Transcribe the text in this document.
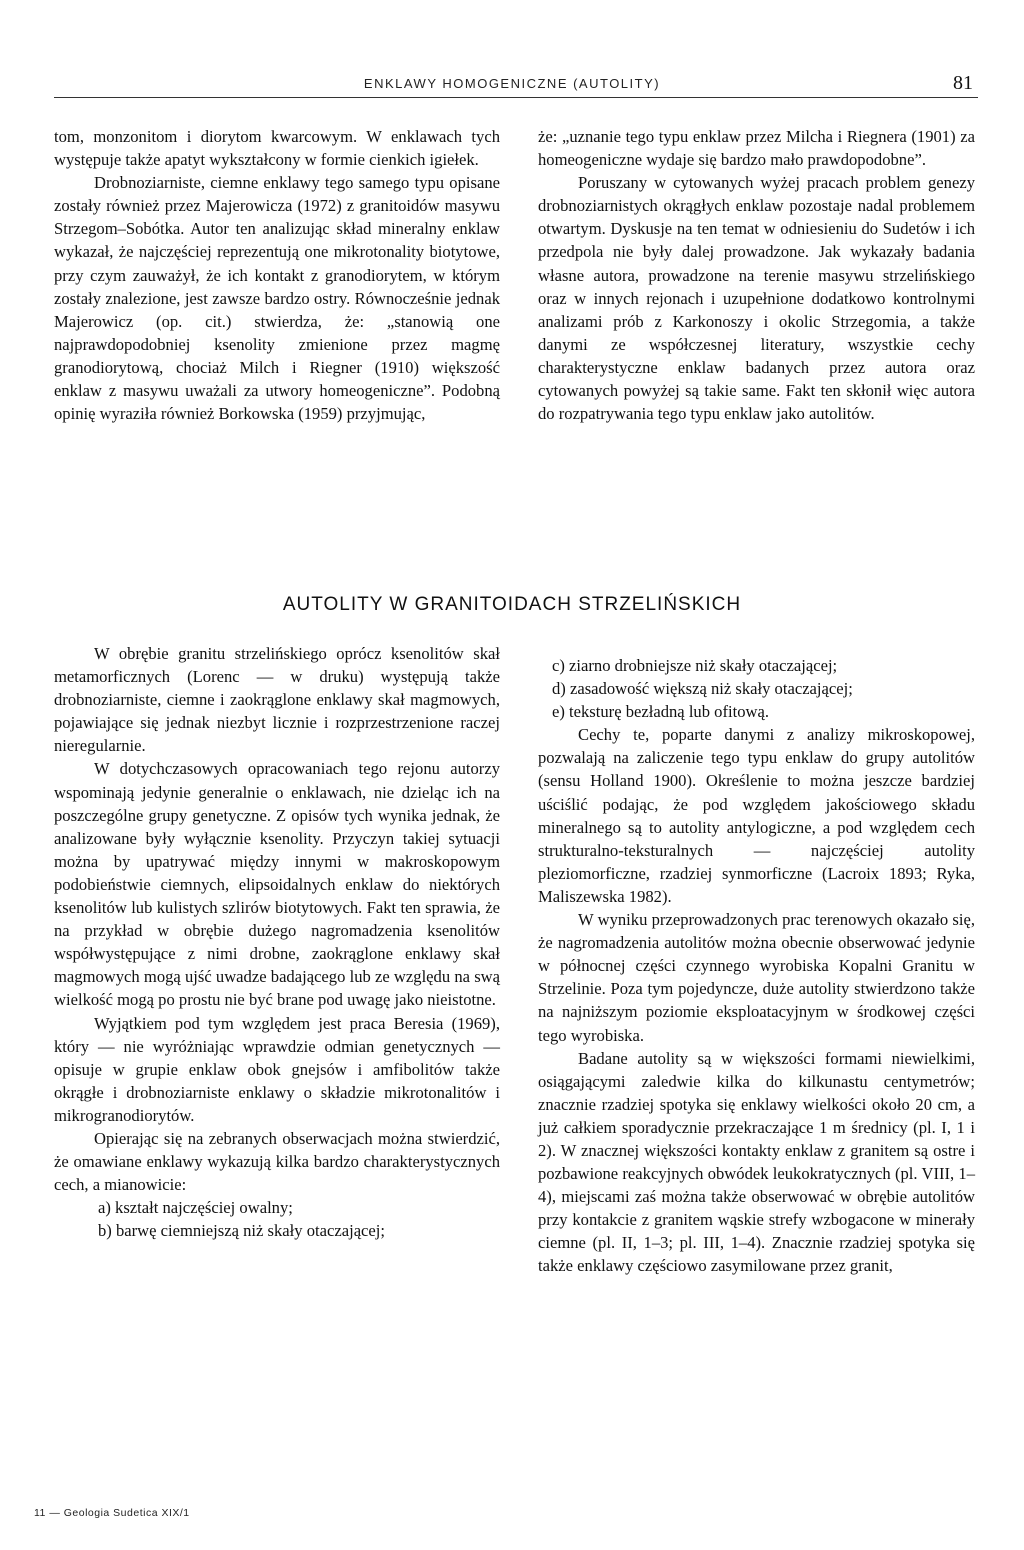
ENKLAWY HOMOGENICZNE (AUTOLITY)	81

tom, monzonitom i diorytom kwarcowym. W enklawach tych występuje także apatyt wykształcony w formie cienkich igiełek.

Drobnoziarniste, ciemne enklawy tego samego typu opisane zostały również przez Majerowicza (1972) z granitoidów masywu Strzegom–Sobótka. Autor ten analizując skład mineralny enklaw wykazał, że najczęściej reprezentują one mikrotonality biotytowe, przy czym zauważył, że ich kontakt z granodiorytem, w którym zostały znalezione, jest zawsze bardzo ostry. Równocześnie jednak Majerowicz (op. cit.) stwierdza, że: „stanowią one najprawdopodobniej ksenolity zmienione przez magmę granodiorytową, chociaż Milch i Riegner (1910) większość enklaw z masywu uważali za utwory homeogeniczne”. Podobną opinię wyraziła również Borkowska (1959) przyjmując,

że: „uznanie tego typu enklaw przez Milcha i Riegnera (1901) za homeogeniczne wydaje się bardzo mało prawdopodobne”.

Poruszany w cytowanych wyżej pracach problem genezy drobnoziarnistych okrągłych enklaw pozostaje nadal problemem otwartym. Dyskusje na ten temat w odniesieniu do Sudetów i ich przedpola nie były dalej prowadzone. Jak wykazały badania własne autora, prowadzone na terenie masywu strzelińskiego oraz w innych rejonach i uzupełnione dodatkowo kontrolnymi analizami prób z Karkonoszy i okolic Strzegomia, a także danymi ze współczesnej literatury, wszystkie cechy charakterystyczne enklaw badanych przez autora oraz cytowanych powyżej są takie same. Fakt ten skłonił więc autora do rozpatrywania tego typu enklaw jako autolitów.

AUTOLITY W GRANITOIDACH STRZELIŃSKICH

W obrębie granitu strzelińskiego oprócz ksenolitów skał metamorficznych (Lorenc — w druku) występują także drobnoziarniste, ciemne i zaokrąglone enklawy skał magmowych, pojawiające się jednak niezbyt licznie i rozprzestrzenione raczej nieregularnie.

W dotychczasowych opracowaniach tego rejonu autorzy wspominają jedynie generalnie o enklawach, nie dzieląc ich na poszczególne grupy genetyczne. Z opisów tych wynika jednak, że analizowane były wyłącznie ksenolity. Przyczyn takiej sytuacji można by upatrywać między innymi w makroskopowym podobieństwie ciemnych, elipsoidalnych enklaw do niektórych ksenolitów lub kulistych szlirów biotytowych. Fakt ten sprawia, że na przykład w obrębie dużego nagromadzenia ksenolitów współwystępujące z nimi drobne, zaokrąglone enklawy skał magmowych mogą ujść uwadze badającego lub ze względu na swą wielkość mogą po prostu nie być brane pod uwagę jako nieistotne.

Wyjątkiem pod tym względem jest praca Beresia (1969), który — nie wyróżniając wprawdzie odmian genetycznych — opisuje w grupie enklaw obok gnejsów i amfibolitów także okrągłe i drobnoziarniste enklawy o składzie mikrotonalitów i mikrogranodiorytów.

Opierając się na zebranych obserwacjach można stwierdzić, że omawiane enklawy wykazują kilka bardzo charakterystycznych cech, a mianowicie:

a) kształt najczęściej owalny;

b) barwę ciemniejszą niż skały otaczającej;

c) ziarno drobniejsze niż skały otaczającej;

d) zasadowość większą niż skały otaczającej;

e) teksturę bezładną lub ofitową.

Cechy te, poparte danymi z analizy mikroskopowej, pozwalają na zaliczenie tego typu enklaw do grupy autolitów (sensu Holland 1900). Określenie to można jeszcze bardziej uściślić podając, że pod względem jakościowego składu mineralnego są to autolity antylogiczne, a pod względem cech strukturalno-teksturalnych — najczęściej autolity pleziomorficzne, rzadziej synmorficzne (Lacroix 1893; Ryka, Maliszewska 1982).

W wyniku przeprowadzonych prac terenowych okazało się, że nagromadzenia autolitów można obecnie obserwować jedynie w północnej części czynnego wyrobiska Kopalni Granitu w Strzelinie. Poza tym pojedyncze, duże autolity stwierdzono także na najniższym poziomie eksploatacyjnym w środkowej części tego wyrobiska.

Badane autolity są w większości formami niewielkimi, osiągającymi zaledwie kilka do kilkunastu centymetrów; znacznie rzadziej spotyka się enklawy wielkości około 20 cm, a już całkiem sporadycznie przekraczające 1 m średnicy (pl. I, 1 i 2). W znacznej większości kontakty enklaw z granitem są ostre i pozbawione reakcyjnych obwódek leukokratycznych (pl. VIII, 1–4), miejscami zaś można także obserwować w obrębie autolitów przy kontakcie z granitem wąskie strefy wzbogacone w minerały ciemne (pl. II, 1–3; pl. III, 1–4). Znacznie rzadziej spotyka się także enklawy częściowo zasymilowane przez granit,

11 — Geologia Sudetica XIX/1
